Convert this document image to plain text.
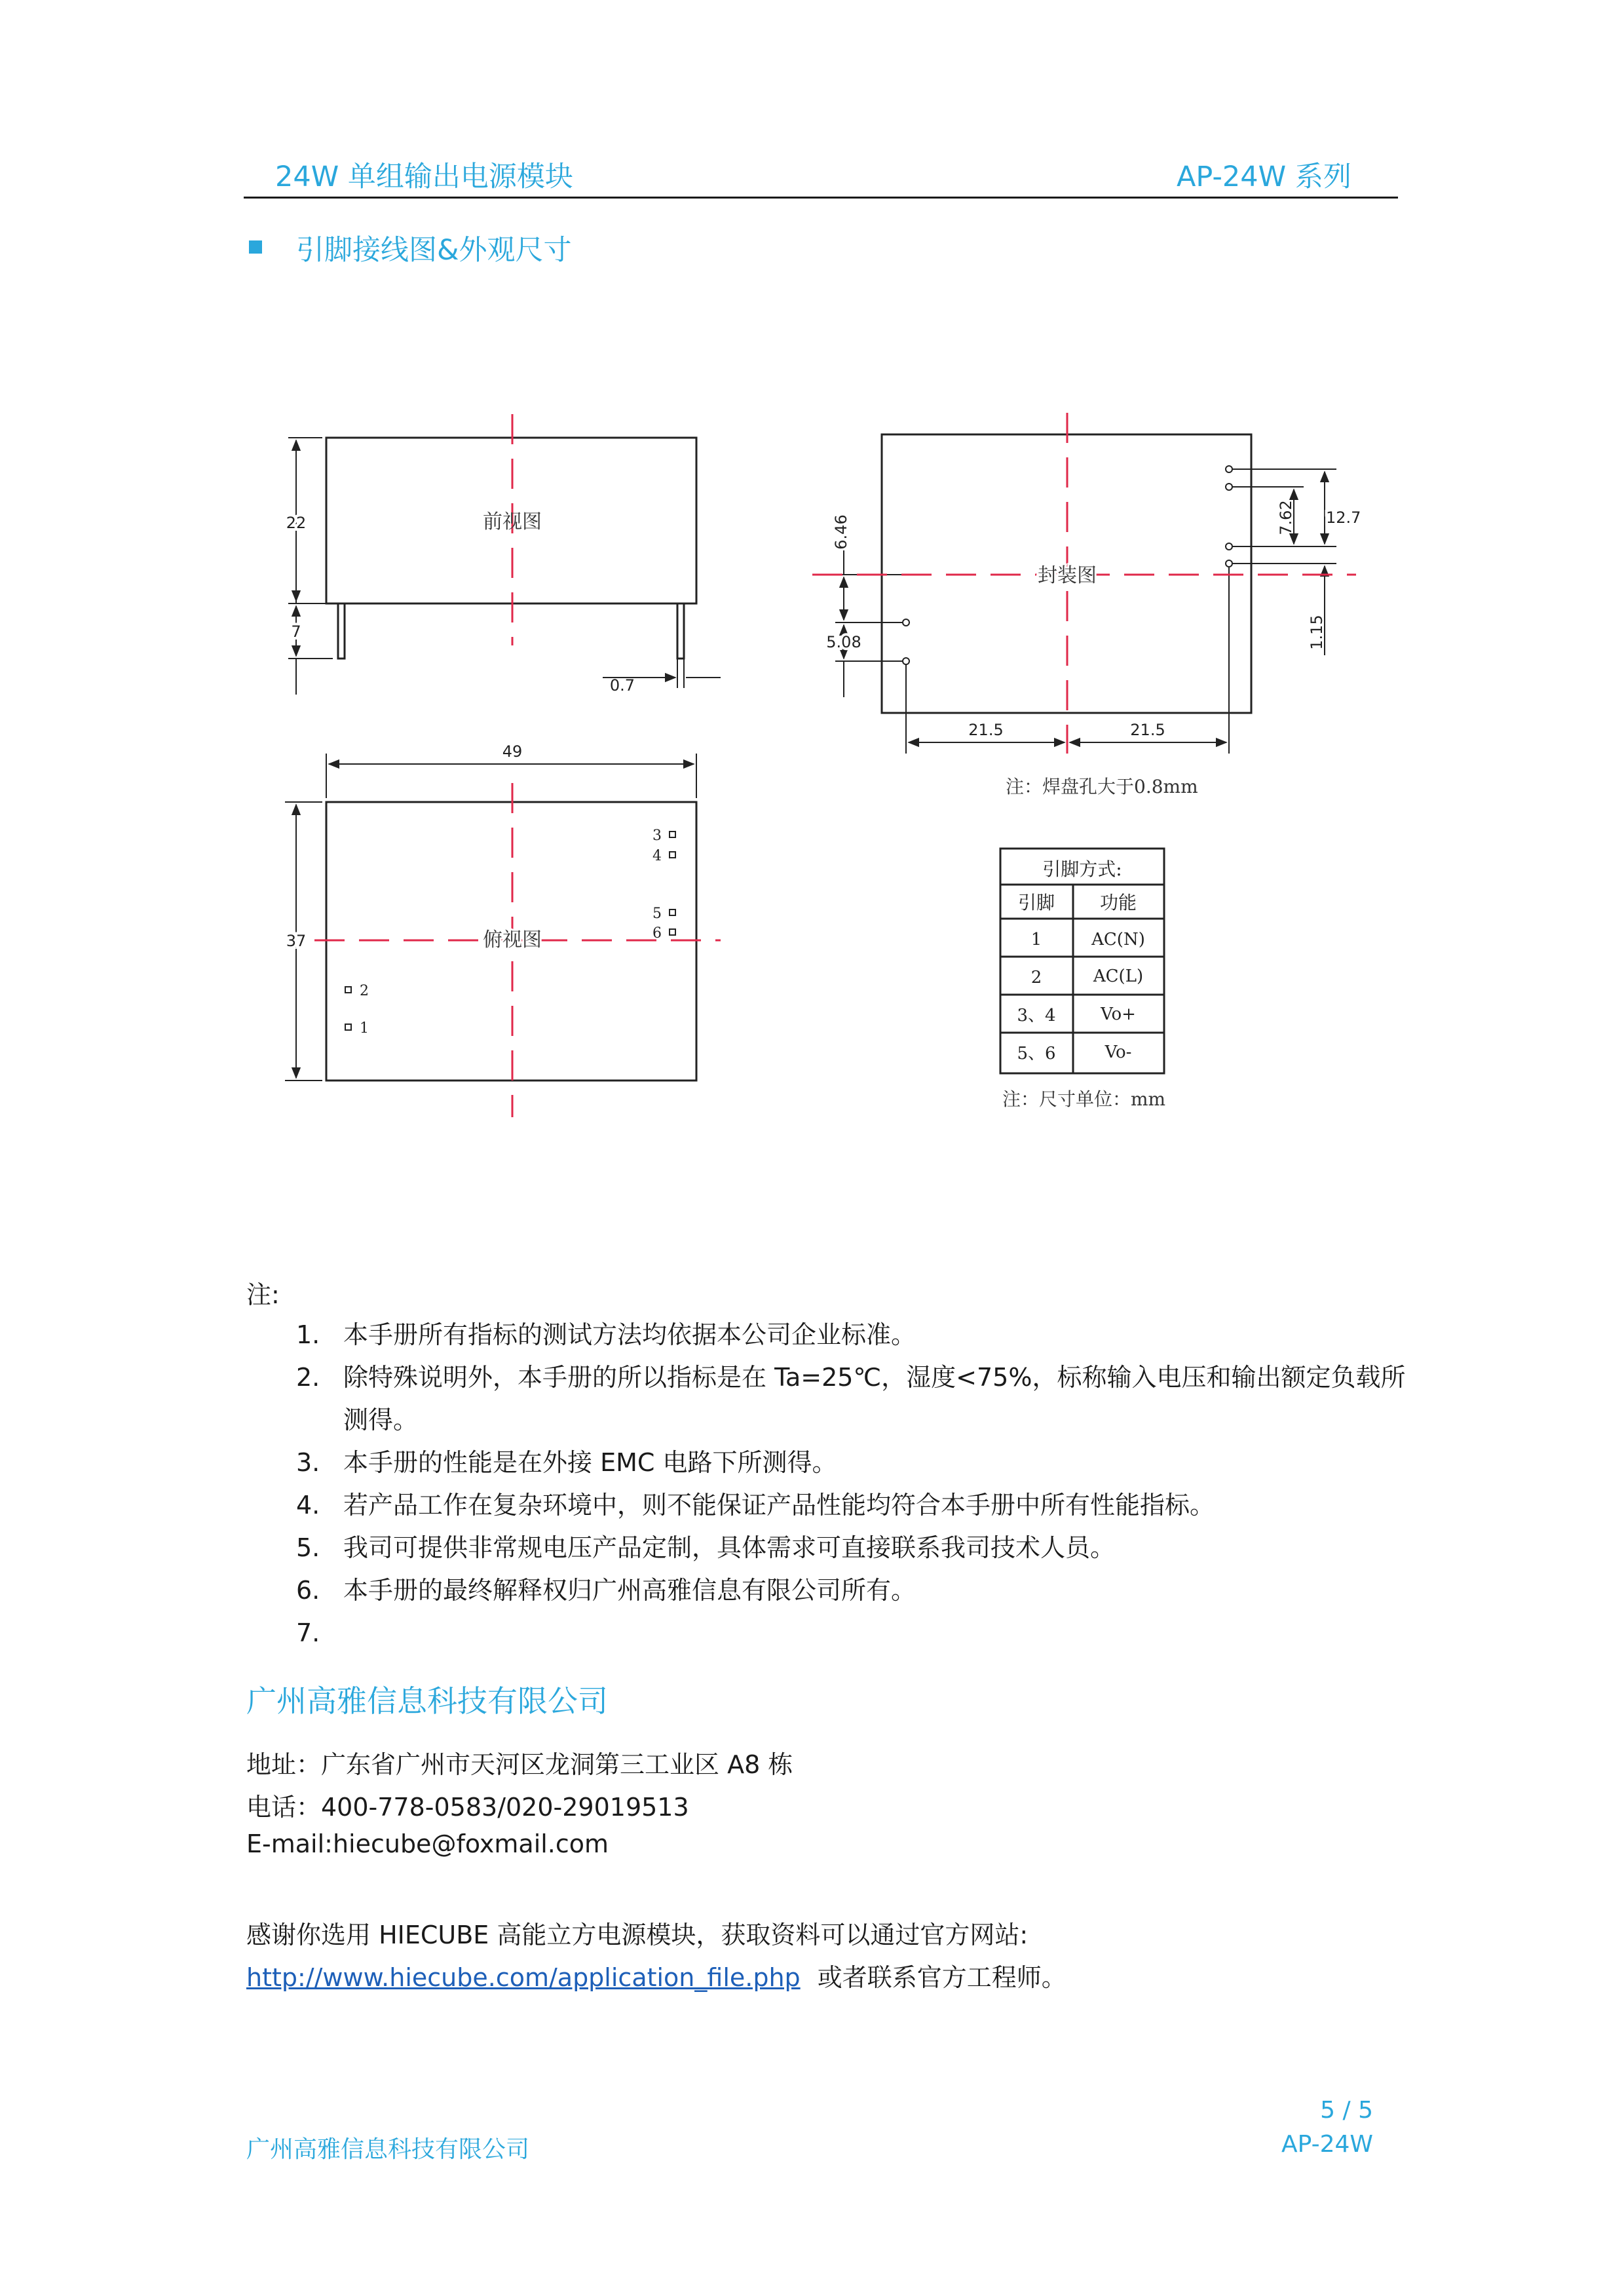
24W 单组输出电源模块	AP-24W 系列
引脚接线图&外观尺寸
前视图
22
7
0.7
俯视图
49
37
3
4
5
6
2
1
封装图
6.46
5.08
7.62 12.7
1.15
21.5	21.5
注：焊盘孔大于0.8mm
引脚方式:
引脚 功能
1	AC(N)
2	AC(L)
3、4	Vo+
5、6	Vo-
注：尺寸单位：mm
注:
1. 本手册所有指标的测试方法均依据本公司企业标准。
2. 除特殊说明外，本手册的所以指标是在 Ta=25℃，湿度<75%，标称输入电压和输出额定负载所测得。
3. 本手册的性能是在外接 EMC 电路下所测得。
4. 若产品工作在复杂环境中，则不能保证产品性能均符合本手册中所有性能指标。
5. 我司可提供非常规电压产品定制，具体需求可直接联系我司技术人员。
6. 本手册的最终解释权归广州高雅信息有限公司所有。
7.
广州高雅信息科技有限公司
地址：广东省广州市天河区龙洞第三工业区 A8 栋
电话：400-778-0583/020-29019513
E-mail:hiecube@foxmail.com
感谢你选用 HIECUBE 高能立方电源模块，获取资料可以通过官方网站:
http://www.hiecube.com/application_file.php 或者联系官方工程师。
5 / 5
广州高雅信息科技有限公司	AP-24W
